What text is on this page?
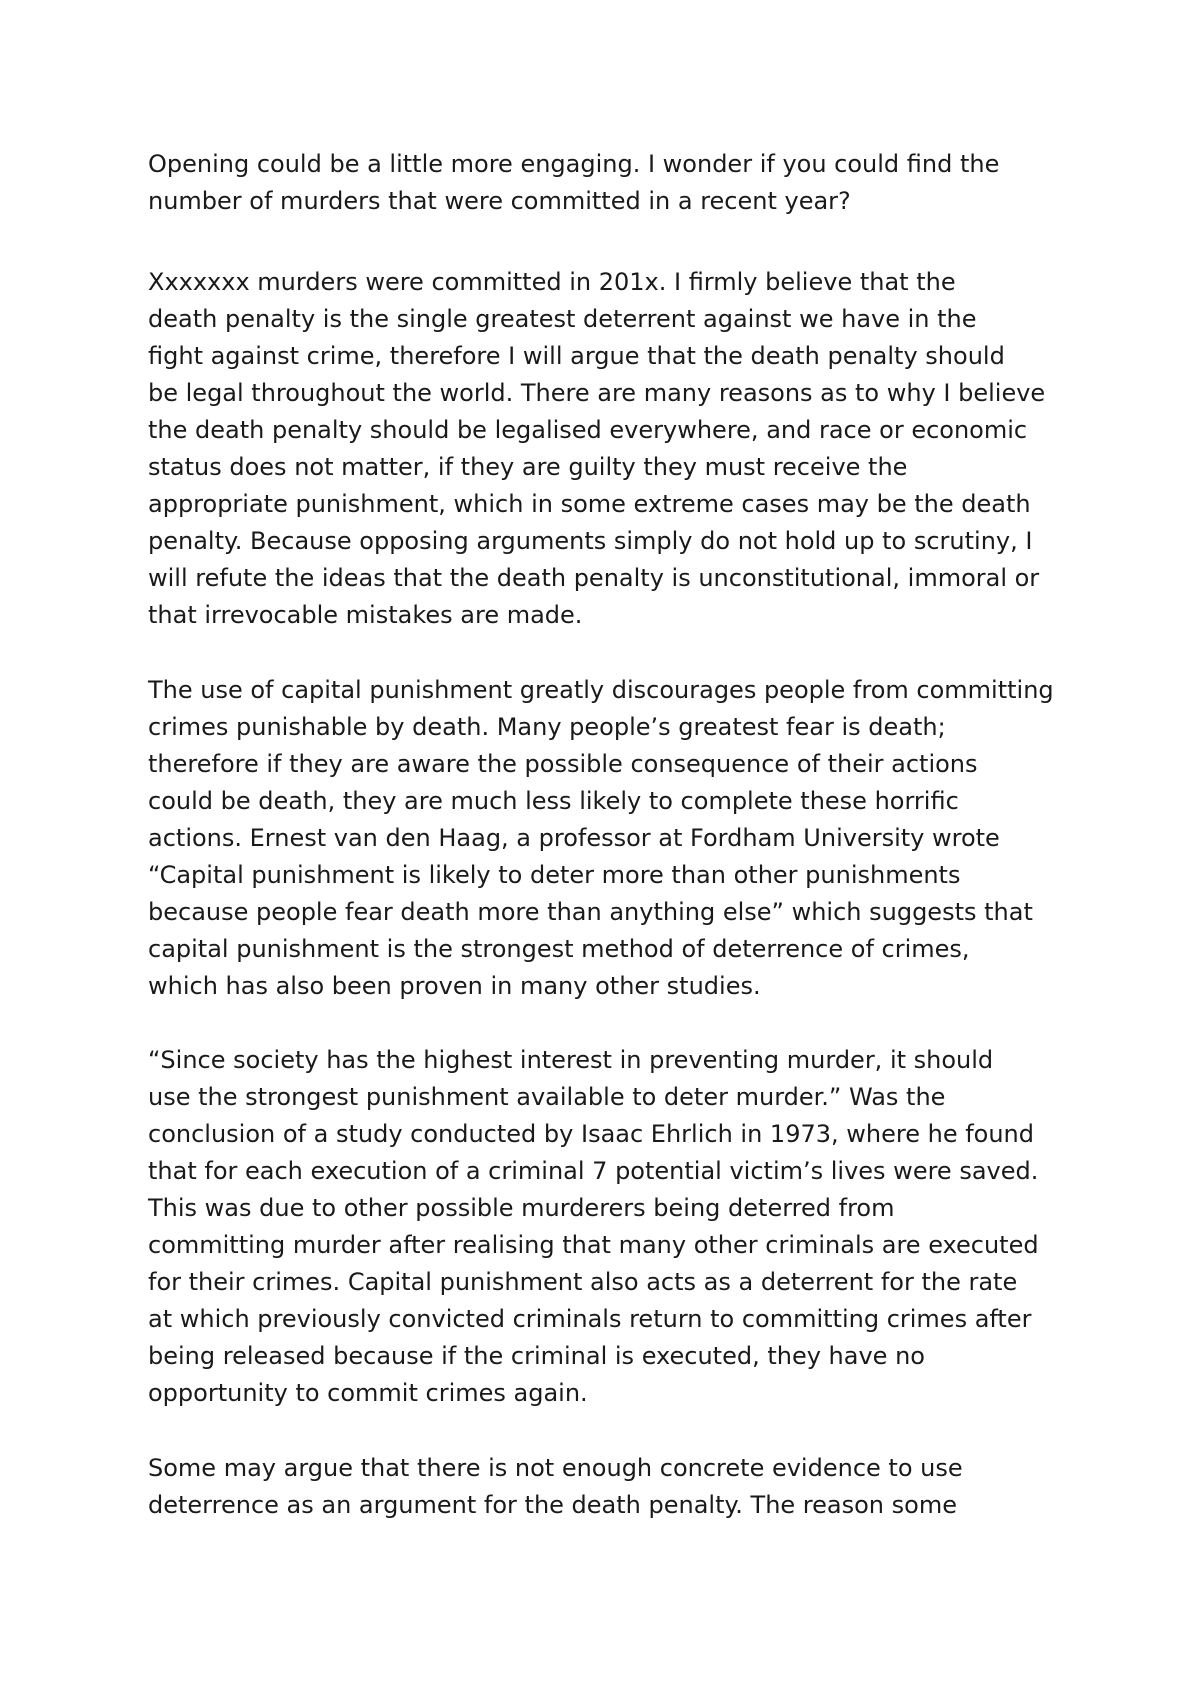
Opening could be a little more engaging. I wonder if you could find the
number of murders that were committed in a recent year?
Xxxxxxx murders were committed in 201x. I firmly believe that the
death penalty is the single greatest deterrent against we have in the
fight against crime, therefore I will argue that the death penalty should
be legal throughout the world. There are many reasons as to why I believe
the death penalty should be legalised everywhere, and race or economic
status does not matter, if they are guilty they must receive the
appropriate punishment, which in some extreme cases may be the death
penalty. Because opposing arguments simply do not hold up to scrutiny, I
will refute the ideas that the death penalty is unconstitutional, immoral or
that irrevocable mistakes are made.
The use of capital punishment greatly discourages people from committing
crimes punishable by death. Many people’s greatest fear is death;
therefore if they are aware the possible consequence of their actions
could be death, they are much less likely to complete these horrific
actions. Ernest van den Haag, a professor at Fordham University wrote
“Capital punishment is likely to deter more than other punishments
because people fear death more than anything else” which suggests that
capital punishment is the strongest method of deterrence of crimes,
which has also been proven in many other studies.
“Since society has the highest interest in preventing murder, it should
use the strongest punishment available to deter murder.” Was the
conclusion of a study conducted by Isaac Ehrlich in 1973, where he found
that for each execution of a criminal 7 potential victim’s lives were saved.
This was due to other possible murderers being deterred from
committing murder after realising that many other criminals are executed
for their crimes. Capital punishment also acts as a deterrent for the rate
at which previously convicted criminals return to committing crimes after
being released because if the criminal is executed, they have no
opportunity to commit crimes again.
Some may argue that there is not enough concrete evidence to use
deterrence as an argument for the death penalty. The reason some
